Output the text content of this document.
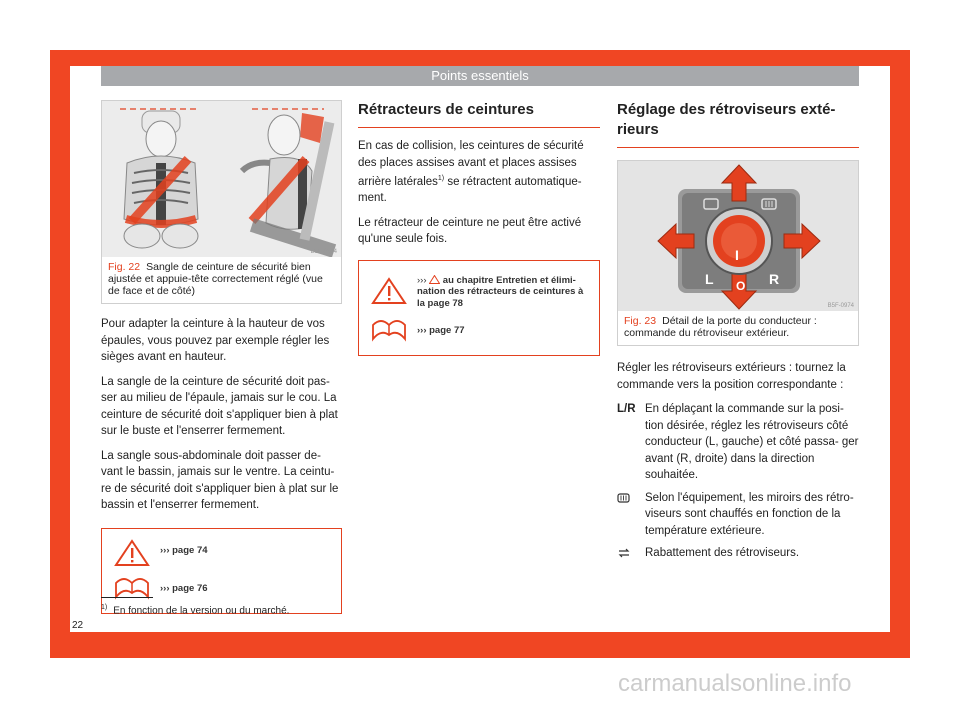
Points essentiels
B5F-0934
Fig. 22 Sangle de ceinture de sécurité bien ajustée et appuie-tête correctement réglé (vue de face et de côté)

Pour adapter la ceinture à la hauteur de vos épaules, vous pouvez par exemple régler les sièges avant en hauteur.

La sangle de la ceinture de sécurité doit pas- ser au milieu de l'épaule, jamais sur le cou. La ceinture de sécurité doit s'appliquer bien à plat sur le buste et l'enserrer fermement.

La sangle sous-abdominale doit passer de- vant le bassin, jamais sur le ventre. La ceintu- re de sécurité doit s'appliquer bien à plat sur le bassin et l'enserrer fermement.

››› page 74
››› page 76
Rétracteurs de ceintures

En cas de collision, les ceintures de sécurité des places assises avant et places assises arrière latérales$^{1)}$ se rétractent automatique- ment.

Le rétracteur de ceinture ne peut être activé qu'une seule fois.

››› au chapitre Entretien et élimi- nation des rétracteurs de ceintures à la page 78
››› page 77
Réglage des rétroviseurs exté- rieurs
L
I
O R
B5F-0974
Fig. 23 Détail de la porte du conducteur : commande du rétroviseur extérieur.

Régler les rétroviseurs extérieurs : tournez la commande vers la position correspondante :

L/R En déplaçant la commande sur la posi- tion désirée, réglez les rétroviseurs côté conducteur (L, gauche) et côté passa- ger avant (R, droite) dans la direction souhaitée.
Selon l'équipement, les miroirs des rétro- viseurs sont chauffés en fonction de la température extérieure.
Rabattement des rétroviseurs.
$^{1)}$ En fonction de la version ou du marché.
22
carmanualsonline.info
